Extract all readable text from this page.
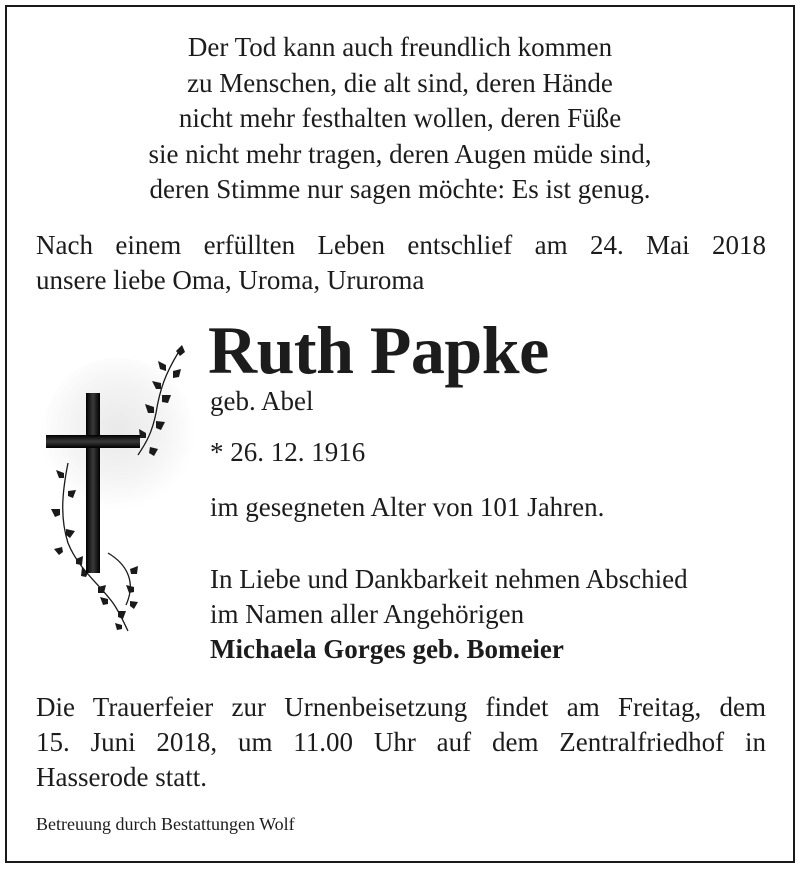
Der Tod kann auch freundlich kommen
zu Menschen, die alt sind, deren Hände
nicht mehr festhalten wollen, deren Füße
sie nicht mehr tragen, deren Augen müde sind,
deren Stimme nur sagen möchte: Es ist genug.
Nach einem erfüllten Leben entschlief am 24. Mai 2018
unsere liebe Oma, Uroma, Ururoma
Ruth Papke
geb. Abel
* 26. 12. 1916
im gesegneten Alter von 101 Jahren.
In Liebe und Dankbarkeit nehmen Abschied
im Namen aller Angehörigen
Michaela Gorges geb. Bomeier
Die Trauerfeier zur Urnenbeisetzung findet am Freitag, dem
15. Juni 2018, um 11.00 Uhr auf dem Zentralfriedhof in
Hasserode statt.
Betreuung durch Bestattungen Wolf
